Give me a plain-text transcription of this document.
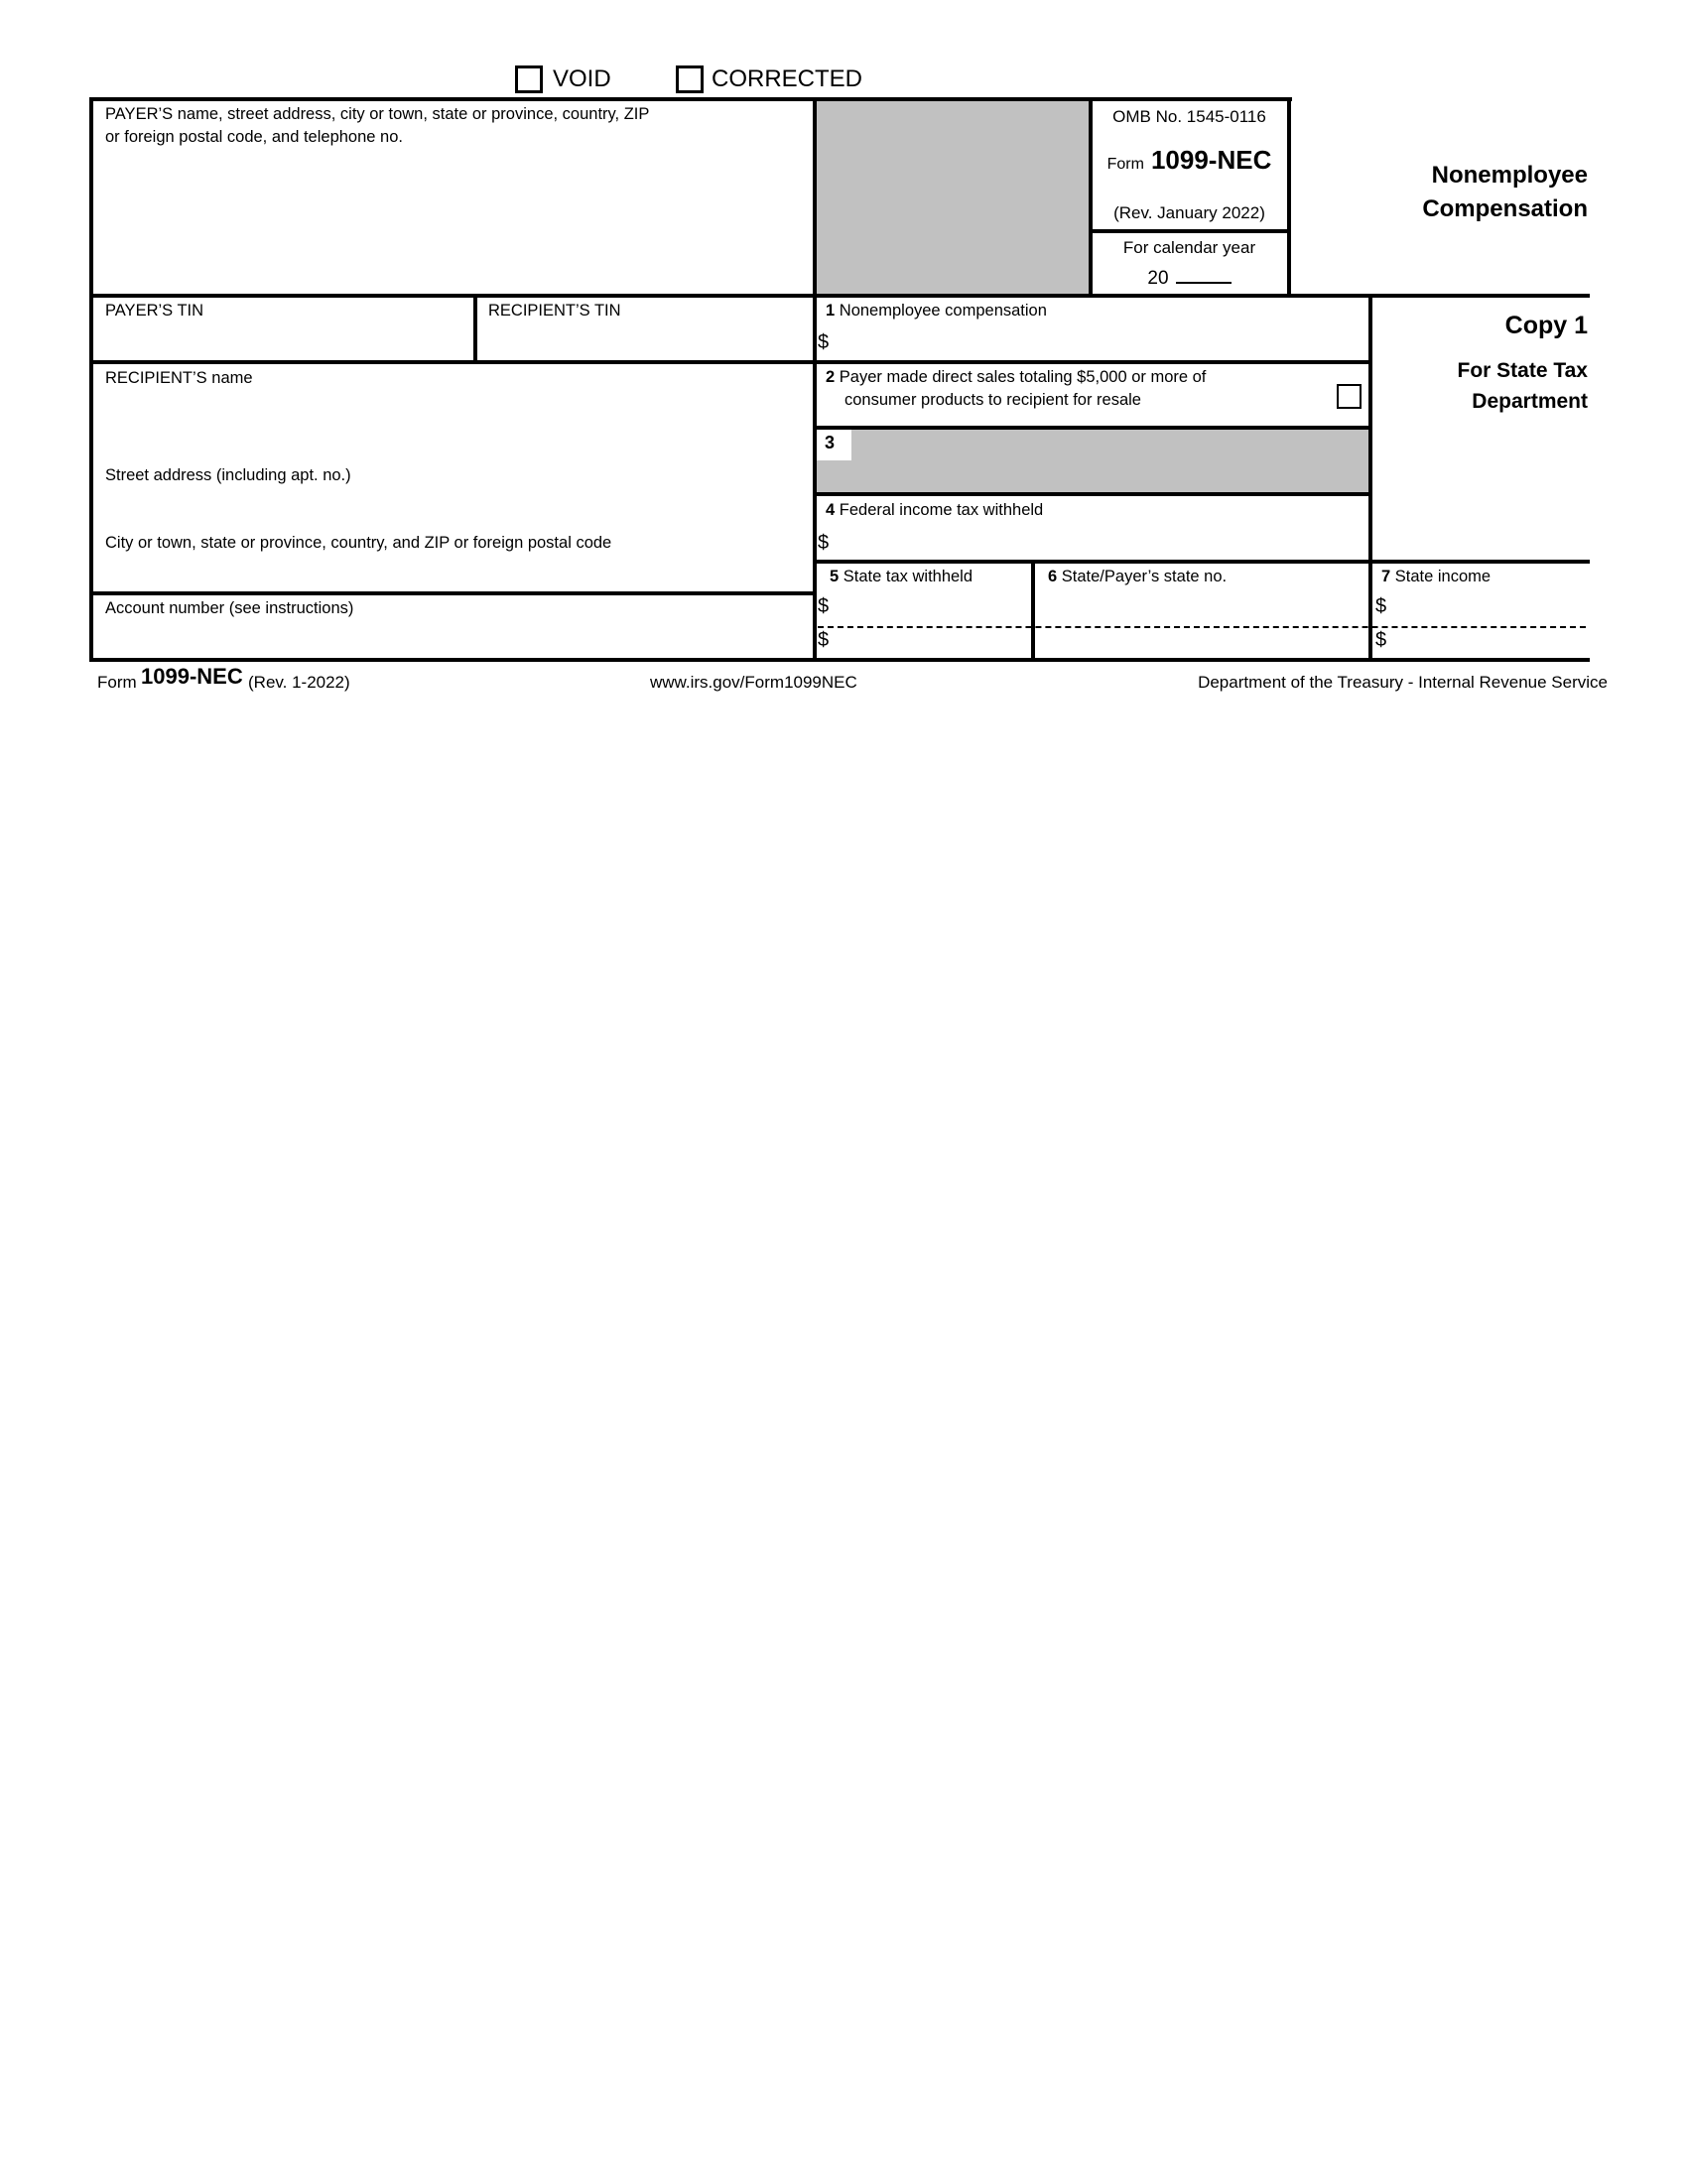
3
VOID	CORRECTED
PAYER’S name, street address, city or town, state or province, country, ZIP
or foreign postal code, and telephone no.
OMB No. 1545-0116
Form 1099-NEC
(Rev. January 2022)
For calendar year
20
Nonemployee
Compensation
Copy 1
For State Tax
Department
PAYER’S TIN	RECIPIENT’S TIN
RECIPIENT’S name
Street address (including apt. no.)
City or town, state or province, country, and ZIP or foreign postal code
Account number (see instructions)
1 Nonemployee compensation
$
2 Payer made direct sales totaling $5,000 or more of
consumer products to recipient for resale
4 Federal income tax withheld
$
5 State tax withheld
$
$
6 State/Payer’s state no.	7 State income
$
$
Form 1099-NEC (Rev. 1-2022)	www.irs.gov/Form1099NEC	Department of the Treasury - Internal Revenue Service
